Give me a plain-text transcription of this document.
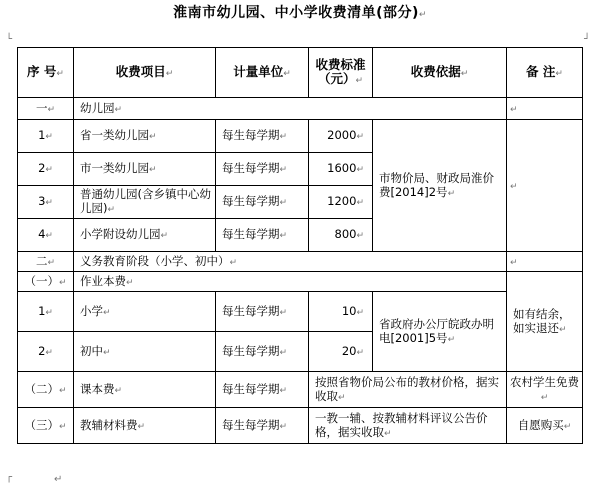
淮南市幼儿园、中小学收费清单(部分)↵
└	┘
┌	↵
序 号↵	收费项目↵	计量单位↵	收费标准（元）↵	收费依据↵	备 注↵
一↵	幼儿园↵				↵
1↵	省一类幼儿园↵	每生每学期↵	2000↵	市物价局、财政局淮价费[2014]2号↵	↵
2↵	市一类幼儿园↵	每生每学期↵	1600↵		
3↵	普通幼儿园(含乡镇中心幼儿园)↵	每生每学期↵	1200↵		
4↵	小学附设幼儿园↵	每生每学期↵	800↵		
二↵	义务教育阶段（小学、初中）↵				↵
（一）↵	作业本费↵				如有结余，如实退还↵
1↵	小学↵	每生每学期↵	10↵	省政府办公厅皖政办明电[2001]5号↵	
2↵	初中↵	每生每学期↵	20↵		
（二）↵	课本费↵	每生每学期↵	按照省物价局公布的教材价格，据实收取↵		农村学生免费↵
（三）↵	教辅材料费↵	每生每学期↵	一教一辅、按教辅材料评议公告价格，据实收取↵		自愿购买↵
